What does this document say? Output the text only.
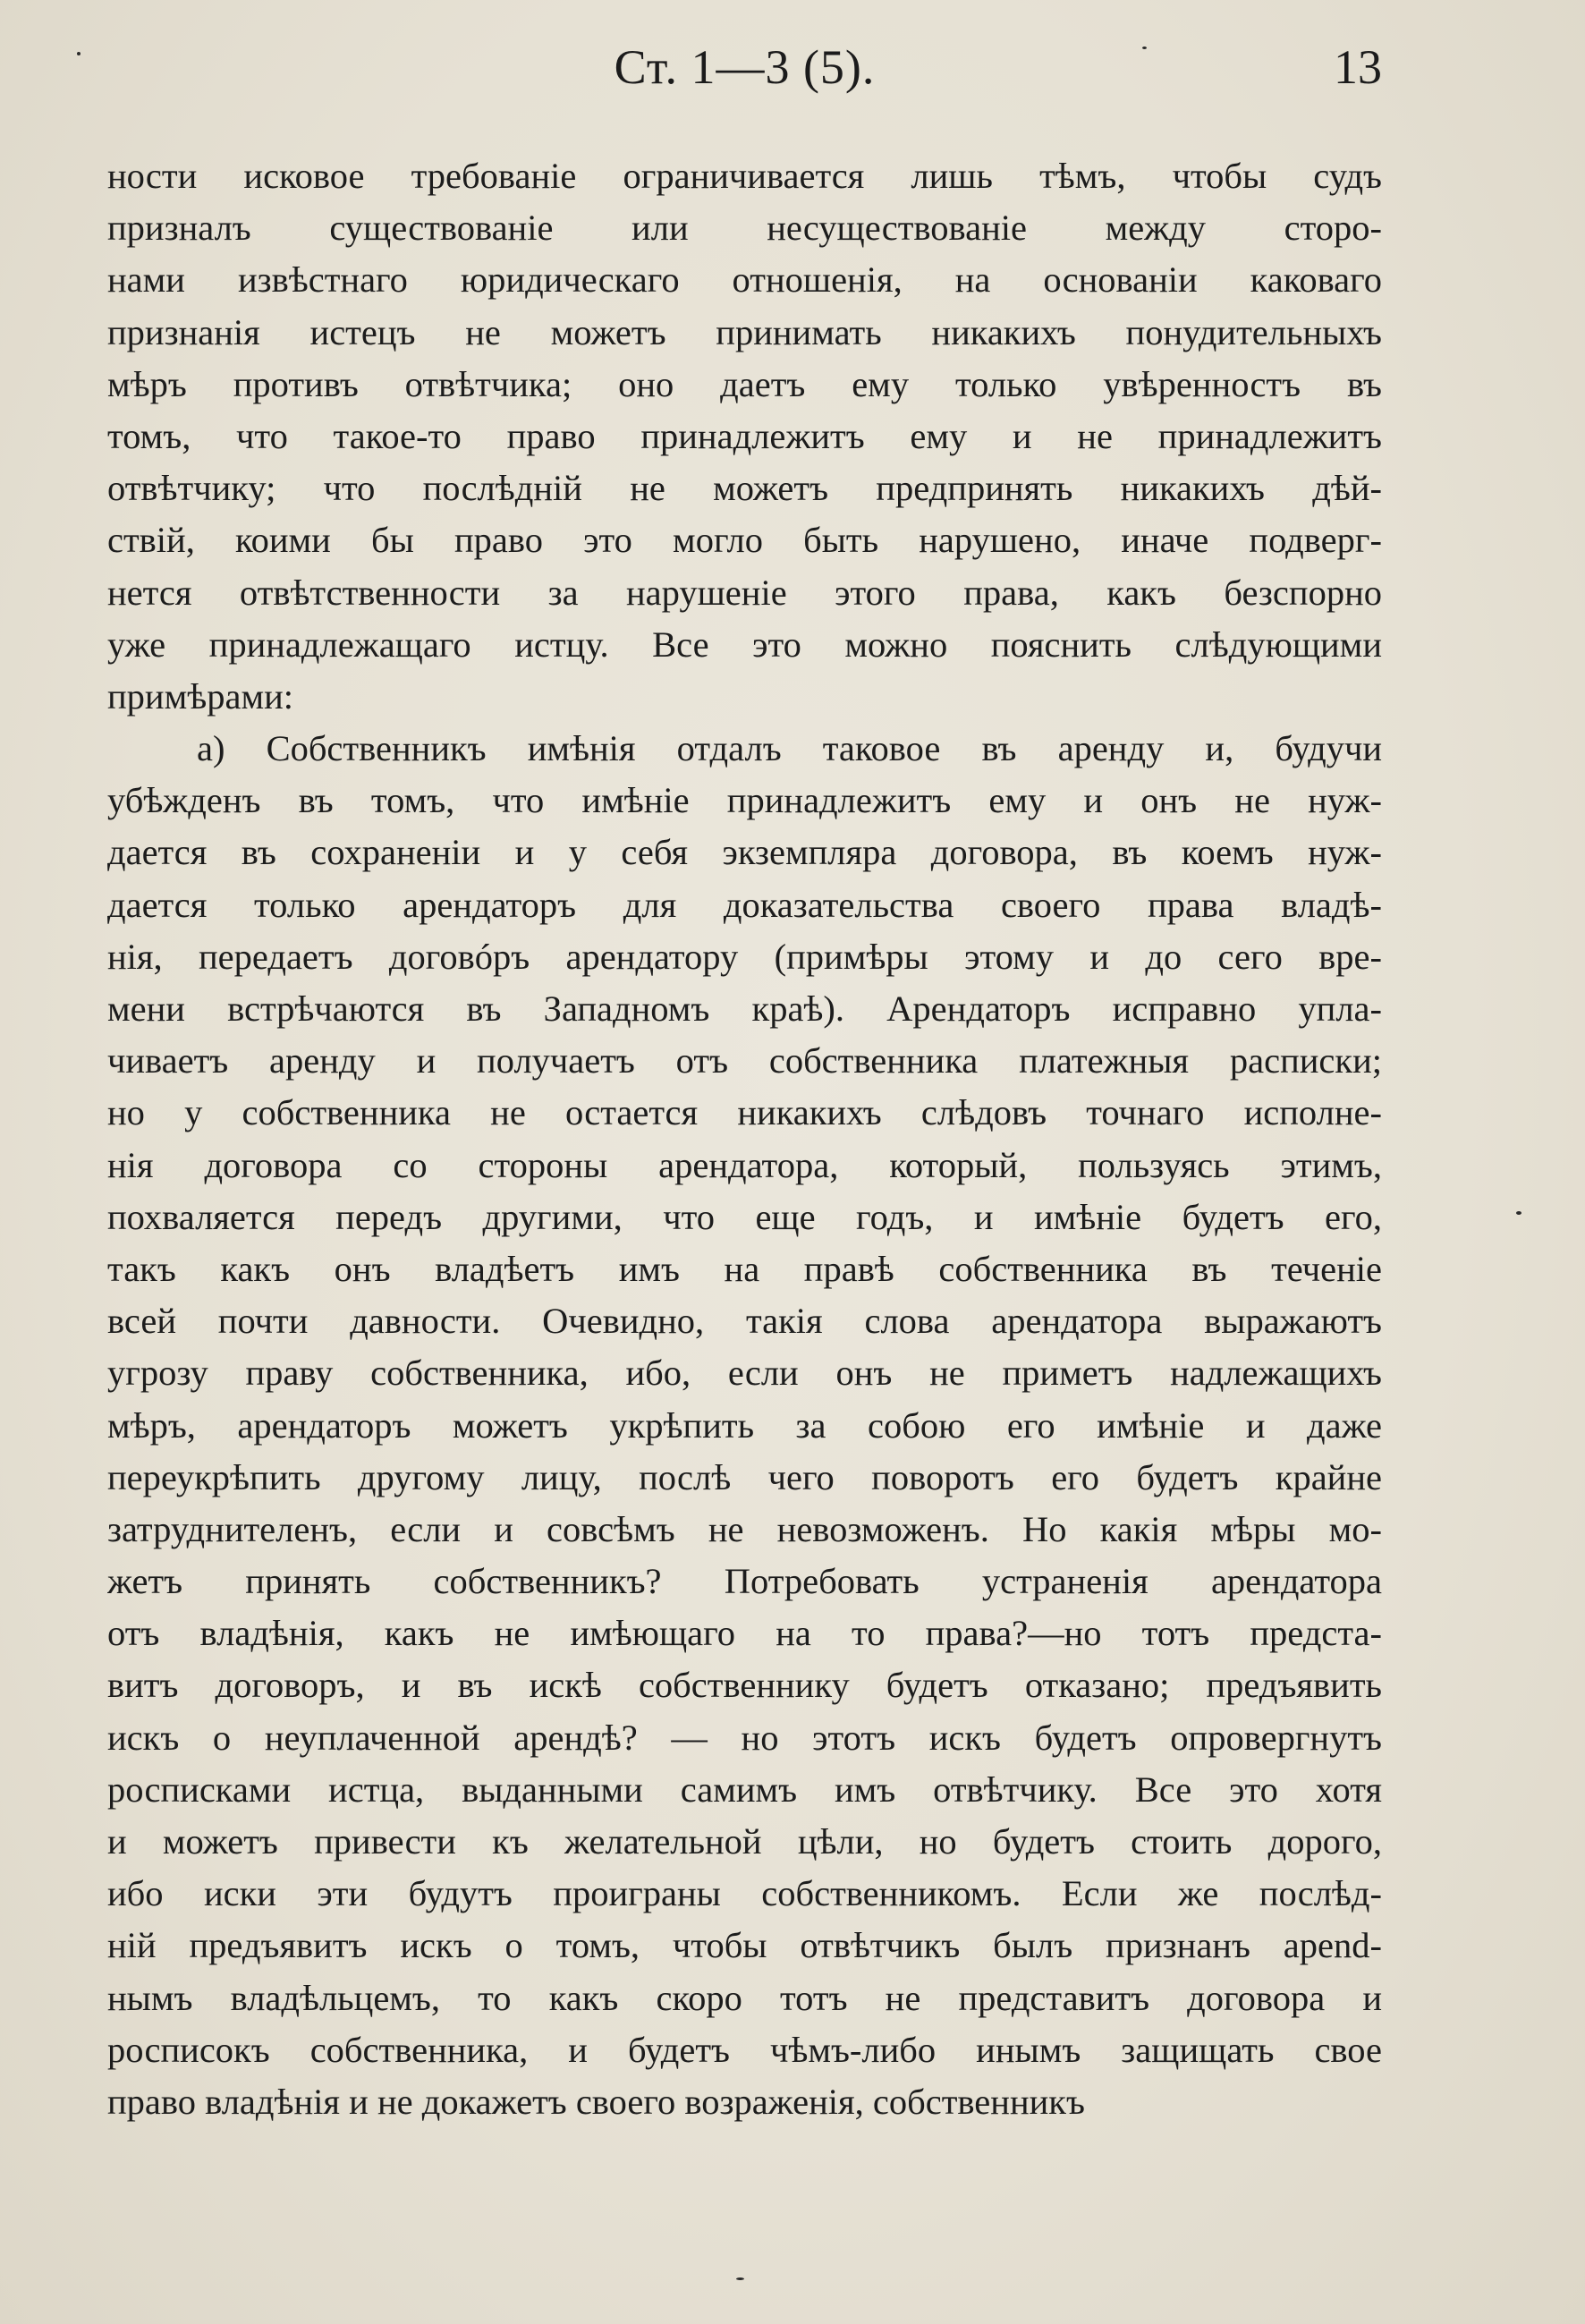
Ст. 1—3 (5).	13
ности исковое требованіе ограничивается лишь тѣмъ, чтобы судъ
призналъ существованіе или несуществованіе между сторо-
нами извѣстнаго юридическаго отношенія, на основаніи каковаго
признанія истецъ не можетъ принимать никакихъ понудительныхъ
мѣръ противъ отвѣтчика; оно даетъ ему только увѣренностъ въ
томъ, что такое-то право принадлежитъ ему и не принадлежитъ
отвѣтчику; что послѣдній не можетъ предпринять никакихъ дѣй-
ствій, коими бы право это могло быть нарушено, иначе подверг-
нется отвѣтственности за нарушеніе этого права, какъ безспорно
уже принадлежащаго истцу. Все это можно пояснить слѣдующими
примѣрами:
а) Собственникъ имѣнія отдалъ таковое въ аренду и, будучи
убѣжденъ въ томъ, что имѣніе принадлежитъ ему и онъ не нуж-
дается въ сохраненіи и у себя экземпляра договора, въ коемъ нуж-
дается только арендаторъ для доказательства своего права владѣ-
нія, передаетъ договóръ арендатору (примѣры этому и до сего вре-
мени встрѣчаются въ Западномъ краѣ). Арендаторъ исправно упла-
чиваетъ аренду и получаетъ отъ собственника платежныя расписки;
но у собственника не остается никакихъ слѣдовъ точнаго исполне-
нія договора со стороны арендатора, который, пользуясь этимъ,
похваляется передъ другими, что еще годъ, и имѣніе будетъ его,
такъ какъ онъ владѣетъ имъ на правѣ собственника въ теченіе
всей почти давности. Очевидно, такія слова арендатора выражаютъ
угрозу праву собственника, ибо, если онъ не приметъ надлежащихъ
мѣръ, арендаторъ можетъ укрѣпить за собою его имѣніе и даже
переукрѣпить другому лицу, послѣ чего поворотъ его будетъ крайне
затруднителенъ, если и совсѣмъ не невозможенъ. Но какія мѣры мо-
жетъ принять собственникъ? Потребовать устраненія арендатора
отъ владѣнія, какъ не имѣющаго на то права?—но тотъ предста-
витъ договоръ, и въ искѣ собственнику будетъ отказано; предъявить
искъ о неуплаченной арендѣ? — но этотъ искъ будетъ опровергнутъ
росписками истца, выданными самимъ имъ отвѣтчику. Все это хотя
и можетъ привести къ желательной цѣли, но будетъ стоить дорого,
ибо иски эти будутъ проиграны собственникомъ. Если же послѣд-
ній предъявитъ искъ о томъ, чтобы отвѣтчикъ былъ признанъ арend-
нымъ владѣльцемъ, то какъ скоро тотъ не представитъ договора и
росписокъ собственника, и будетъ чѣмъ-либо инымъ защищать свое
право владѣнія и не докажетъ своего возраженія, собственникъ
